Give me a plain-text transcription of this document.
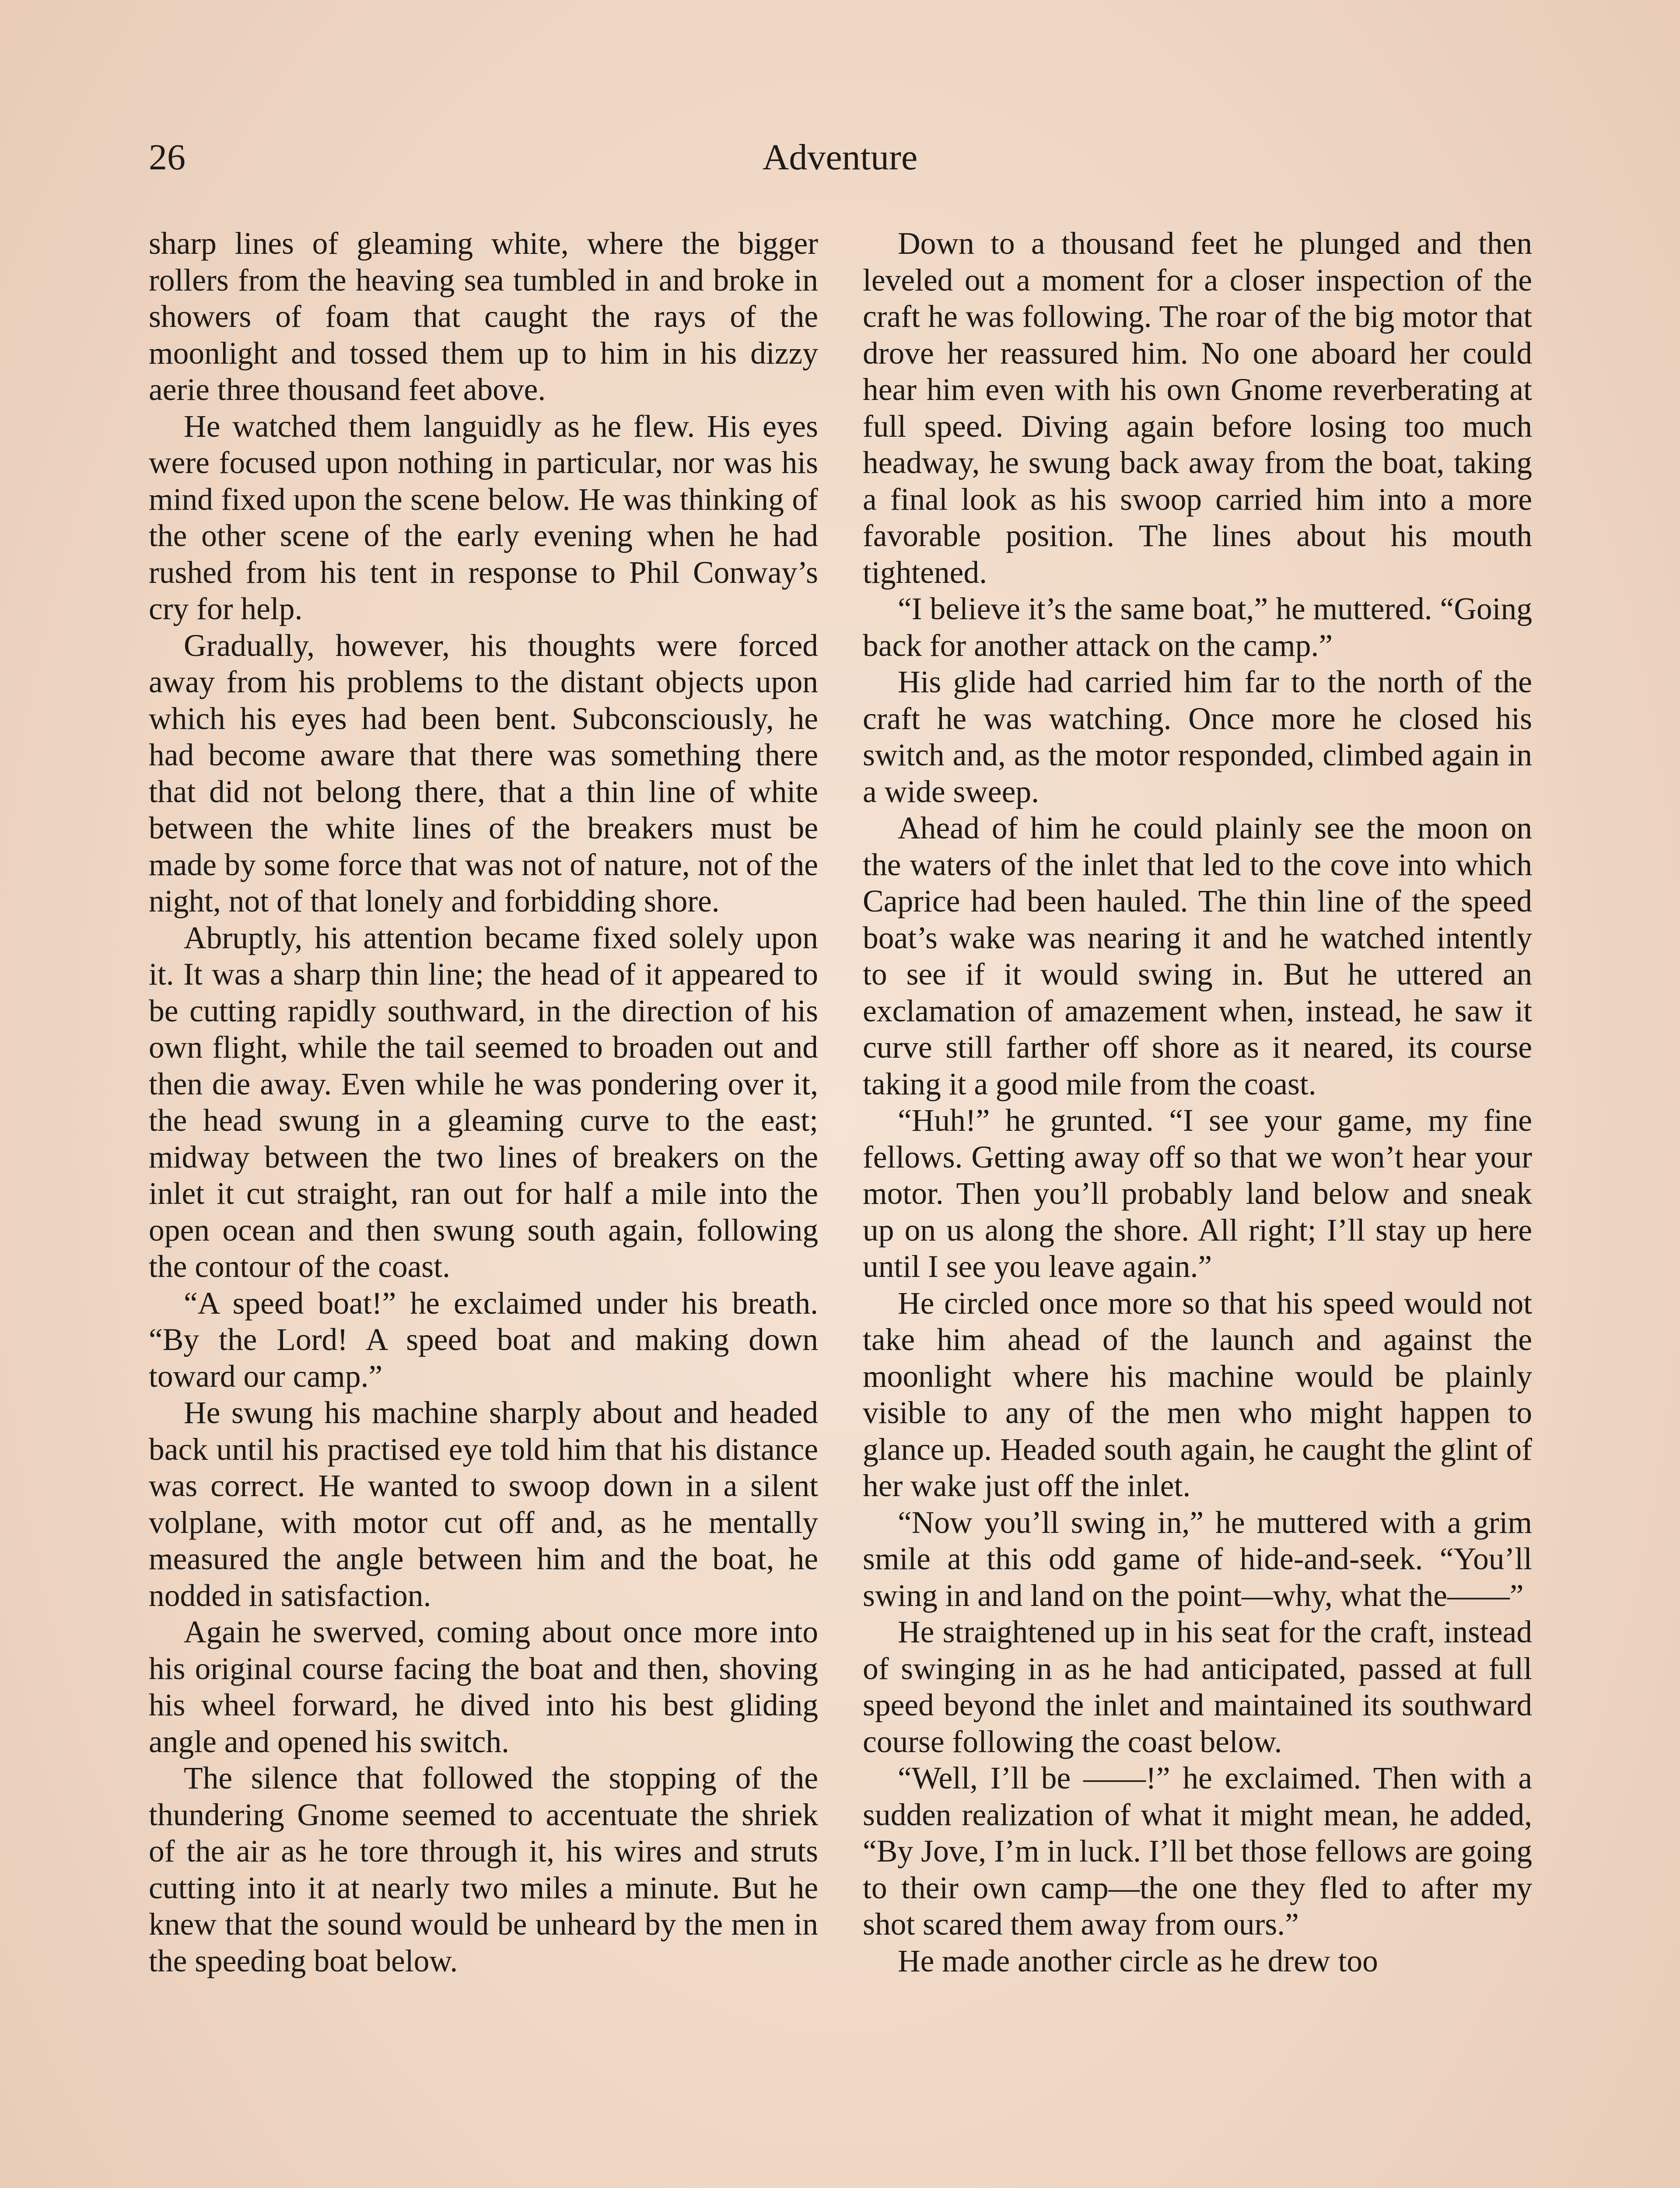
26	Adventure

sharp lines of gleaming white, where the bigger rollers from the heaving sea tumbled in and broke in showers of foam that caught the rays of the moonlight and tossed them up to him in his dizzy aerie three thousand feet above.

He watched them languidly as he flew. His eyes were focused upon nothing in particular, nor was his mind fixed upon the scene below. He was thinking of the other scene of the early evening when he had rushed from his tent in response to Phil Conway’s cry for help.

Gradually, however, his thoughts were forced away from his problems to the distant objects upon which his eyes had been bent. Subconsciously, he had become aware that there was something there that did not belong there, that a thin line of white between the white lines of the breakers must be made by some force that was not of nature, not of the night, not of that lonely and forbidding shore.

Abruptly, his attention became fixed solely upon it. It was a sharp thin line; the head of it appeared to be cutting rapidly southward, in the direction of his own flight, while the tail seemed to broaden out and then die away. Even while he was pondering over it, the head swung in a gleaming curve to the east; midway between the two lines of breakers on the inlet it cut straight, ran out for half a mile into the open ocean and then swung south again, following the contour of the coast.

“A speed boat!” he exclaimed under his breath. “By the Lord! A speed boat and making down toward our camp.”

He swung his machine sharply about and headed back until his practised eye told him that his distance was correct. He wanted to swoop down in a silent volplane, with motor cut off and, as he mentally measured the angle between him and the boat, he nodded in satisfaction.

Again he swerved, coming about once more into his original course facing the boat and then, shoving his wheel forward, he dived into his best gliding angle and opened his switch.

The silence that followed the stopping of the thundering Gnome seemed to accentuate the shriek of the air as he tore through it, his wires and struts cutting into it at nearly two miles a minute. But he knew that the sound would be unheard by the men in the speeding boat below.

Down to a thousand feet he plunged and then leveled out a moment for a closer inspection of the craft he was following. The roar of the big motor that drove her reassured him. No one aboard her could hear him even with his own Gnome reverberating at full speed. Diving again before losing too much headway, he swung back away from the boat, taking a final look as his swoop carried him into a more favorable position. The lines about his mouth tightened.

“I believe it’s the same boat,” he muttered. “Going back for another attack on the camp.”

His glide had carried him far to the north of the craft he was watching. Once more he closed his switch and, as the motor responded, climbed again in a wide sweep.

Ahead of him he could plainly see the moon on the waters of the inlet that led to the cove into which Caprice had been hauled. The thin line of the speed boat’s wake was nearing it and he watched intently to see if it would swing in. But he uttered an exclamation of amazement when, instead, he saw it curve still farther off shore as it neared, its course taking it a good mile from the coast.

“Huh!” he grunted. “I see your game, my fine fellows. Getting away off so that we won’t hear your motor. Then you’ll probably land below and sneak up on us along the shore. All right; I’ll stay up here until I see you leave again.”

He circled once more so that his speed would not take him ahead of the launch and against the moonlight where his machine would be plainly visible to any of the men who might happen to glance up. Headed south again, he caught the glint of her wake just off the inlet.

“Now you’ll swing in,” he muttered with a grim smile at this odd game of hide-and-seek. “You’ll swing in and land on the point—why, what the——”

He straightened up in his seat for the craft, instead of swinging in as he had anticipated, passed at full speed beyond the inlet and maintained its southward course following the coast below.

“Well, I’ll be ——!” he exclaimed. Then with a sudden realization of what it might mean, he added, “By Jove, I’m in luck. I’ll bet those fellows are going to their own camp—the one they fled to after my shot scared them away from ours.”

He made another circle as he drew too
